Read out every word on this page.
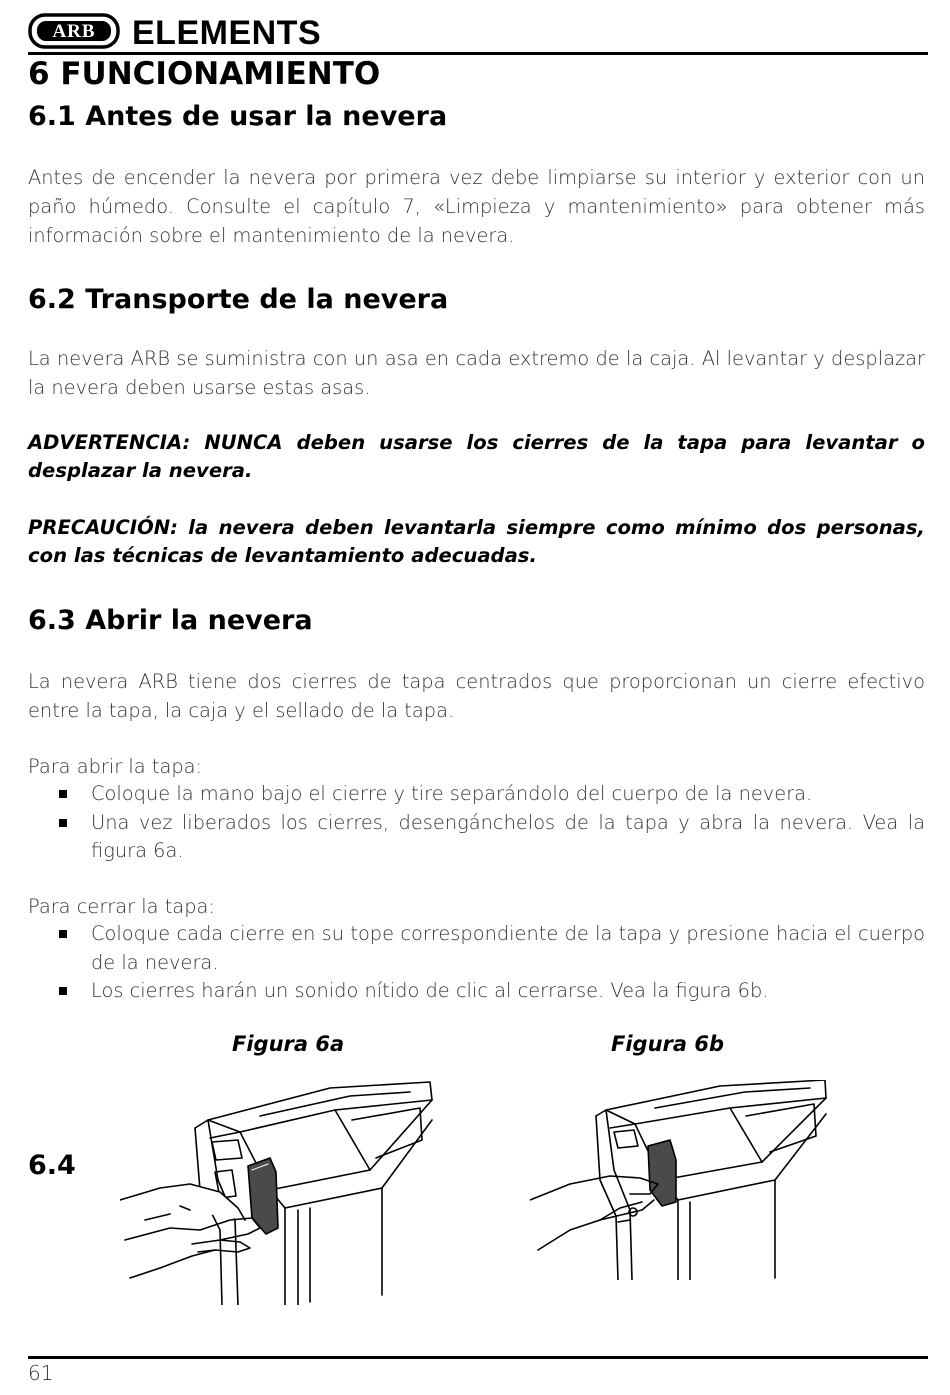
ARB ELEMENTS
6 FUNCIONAMIENTO
6.1 Antes de usar la nevera

Antes de encender la nevera por primera vez debe limpiarse su interior y exterior con un paño húmedo. Consulte el capítulo 7, «Limpieza y mantenimiento» para obtener más información sobre el mantenimiento de la nevera.

6.2 Transporte de la nevera

La nevera ARB se suministra con un asa en cada extremo de la caja. Al levantar y desplazar la nevera deben usarse estas asas.

ADVERTENCIA: NUNCA deben usarse los cierres de la tapa para levantar o desplazar la nevera.

PRECAUCIÓN: la nevera deben levantarla siempre como mínimo dos personas, con las técnicas de levantamiento adecuadas.

6.3 Abrir la nevera

La nevera ARB tiene dos cierres de tapa centrados que proporcionan un cierre efectivo entre la tapa, la caja y el sellado de la tapa.

Para abrir la tapa:

Coloque la mano bajo el cierre y tire separándolo del cuerpo de la nevera.
Una vez liberados los cierres, desengánchelos de la tapa y abra la nevera. Vea la figura 6a.

Para cerrar la tapa:

Coloque cada cierre en su tope correspondiente de la tapa y presione hacia el cuerpo de la nevera.
Los cierres harán un sonido nítido de clic al cerrarse. Vea la figura 6b.
Figura 6a	Figura 6b
6.4
61
